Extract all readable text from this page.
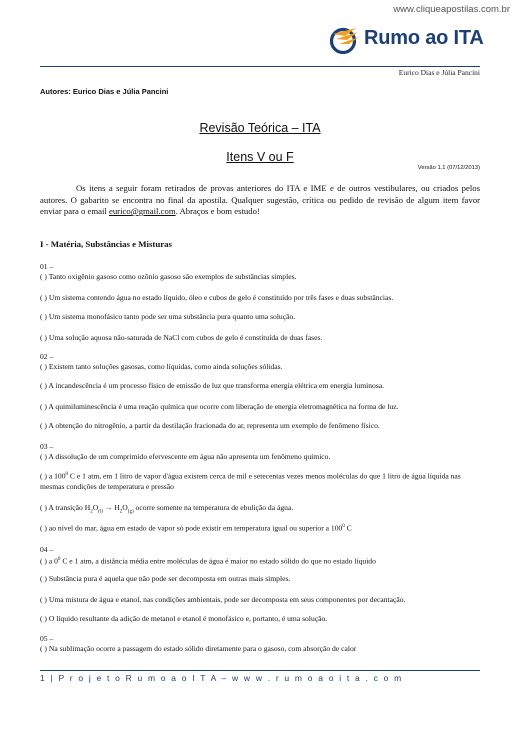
www.cliqueapostilas.com.br
Rumo ao ITA
Eurico Dias e Júlia Pancini
Autores: Eurico Dias e Júlia Pancini
Revisão Teórica – ITA
Itens V ou F
Versão 1.1 (07/12/2013)

Os itens a seguir foram retirados de provas anteriores do ITA e IME e de outros vestibulares, ou criados pelos autores. O gabarito se encontra no final da apostila. Qualquer sugestão, crítica ou pedido de revisão de algum item favor enviar para o email eurico@gmail.com. Abraços e bom estudo!

I - Matéria, Substâncias e Misturas
01 –
( ) Tanto oxigênio gasoso como ozônio gasoso são exemplos de substâncias simples.
( ) Um sistema contendo água no estado líquido, óleo e cubos de gelo é constituído por três fases e duas substâncias.
( ) Um sistema monofásico tanto pode ser uma substância pura quanto uma solução.
( ) Uma solução aquosa não-saturada de NaCl com cubos de gelo é constituída de duas fases.
02 –
( ) Existem tanto soluções gasosas, como líquidas, como ainda soluções sólidas.
( ) A incandescência é um processo físico de emissão de luz que transforma energia elétrica em energia luminosa.
( ) A quimiluminescência é uma reação química que ocorre com liberação de energia eletromagnética na forma de luz.
( ) A obtenção do nitrogênio, a partir da destilação fracionada do ar, representa um exemplo de fenômeno físico.
03 –
( ) A dissolução de um comprimido efervescente em água não apresenta um fenômeno químico.
( ) a $100^0$ C e 1 atm, em 1 litro de vapor d'água existem cerca de mil e setecentas vezes menos moléculas do que 1 litro de água líquida nas mesmas condições de temperatura e pressão
( ) A transição $H_2O_{(l)} \to H_2O_{(g)}$ ocorre somente na temperatura de ebulição da água.
( ) ao nível do mar, água em estado de vapor só pode existir em temperatura igual ou superior a $100^0$ C
04 –
( ) a $0^0$ C e 1 atm, a distância média entre moléculas de água é maior no estado sólido do que no estado líquido
( ) Substância pura é aquela que não pode ser decomposta em outras mais simples.
( ) Uma mistura de água e etanol, nas condições ambientais, pode ser decomposta em seus componentes por decantação.
( ) O líquido resultante da adição de metanol e etanol é monofásico e, portanto, é uma solução.
05 –
( ) Na sublimação ocorre a passagem do estado sólido diretamente para o gasoso, com absorção de calor
1 | P r o j e t o R u m o a o I T A – w w w . r u m o a o i t a . c o m
